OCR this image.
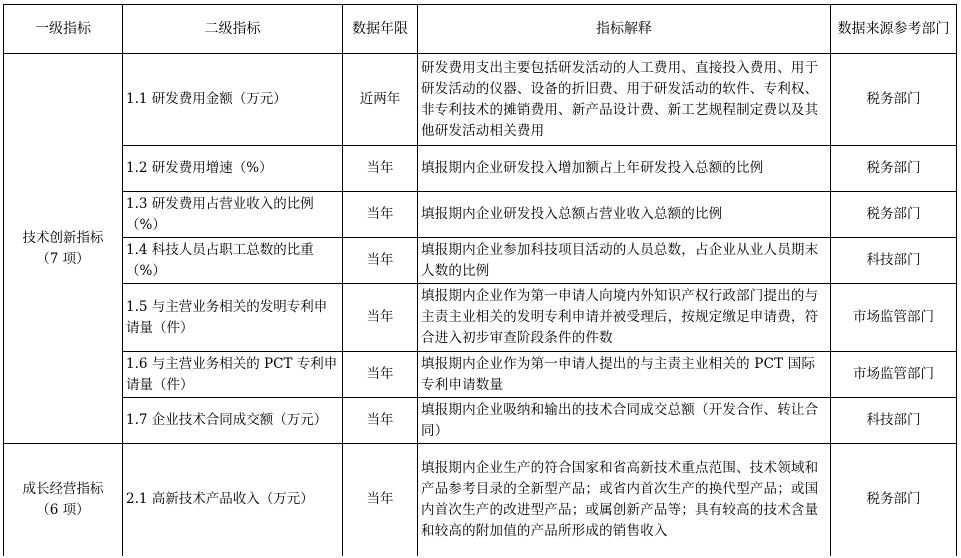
一级指标	二级指标	数据年限	指标解释	数据来源参考部门

技术创新指标
（7 项）	1.1 研发费用金额（万元）	近两年	研发费用支出主要包括研发活动的人工费用、直接投入费用、用于研发活动的仪器、设备的折旧费、用于研发活动的软件、专利权、非专利技术的摊销费用、新产品设计费、新工艺规程制定费以及其他研发活动相关费用	税务部门
	1.2 研发费用增速（%）	当年	填报期内企业研发投入增加额占上年研发投入总额的比例	税务部门
	1.3 研发费用占营业收入的比例（%）	当年	填报期内企业研发投入总额占营业收入总额的比例	税务部门
	1.4 科技人员占职工总数的比重（%）	当年	填报期内企业参加科技项目活动的人员总数，占企业从业人员期末人数的比例	科技部门
	1.5 与主营业务相关的发明专利申请量（件）	当年	填报期内企业作为第一申请人向境内外知识产权行政部门提出的与主责主业相关的发明专利申请并被受理后，按规定缴足申请费，符合进入初步审查阶段条件的件数	市场监管部门
	1.6 与主营业务相关的 PCT 专利申请量（件）	当年	填报期内企业作为第一申请人提出的与主责主业相关的 PCT 国际专利申请数量	市场监管部门
	1.7 企业技术合同成交额（万元）	当年	填报期内企业吸纳和输出的技术合同成交总额（开发合作、转让合同）	科技部门

成长经营指标
（6 项）	2.1 高新技术产品收入（万元）	当年	填报期内企业生产的符合国家和省高新技术重点范围、技术领域和产品参考目录的全新型产品；或省内首次生产的换代型产品；或国内首次生产的改进型产品；或属创新产品等；具有较高的技术含量和较高的附加值的产品所形成的销售收入	税务部门
